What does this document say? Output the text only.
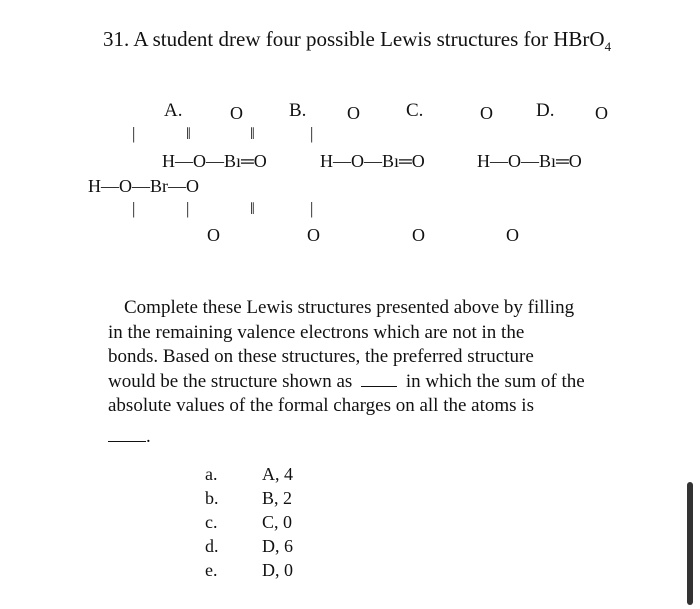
31. A student drew four possible Lewis structures for HBrO$_4$
A.	B.	C.	D.
O	O	O	O
|	‖	‖	|
H—O—Bı═O	H—O—Bı═O	H—O—Bı═O
H—O—Br—O
|	|	‖	|
O	O	O	O
Complete these Lewis structures presented above by filling
in the remaining valence electrons which are not in the
bonds. Based on these structures, the preferred structure
would be the structure shown as	in which the sum of the
absolute values of the formal charges on all the atoms is
.
a. A, 4
b. B, 2
c. C, 0
d. D, 6
e. D, 0
